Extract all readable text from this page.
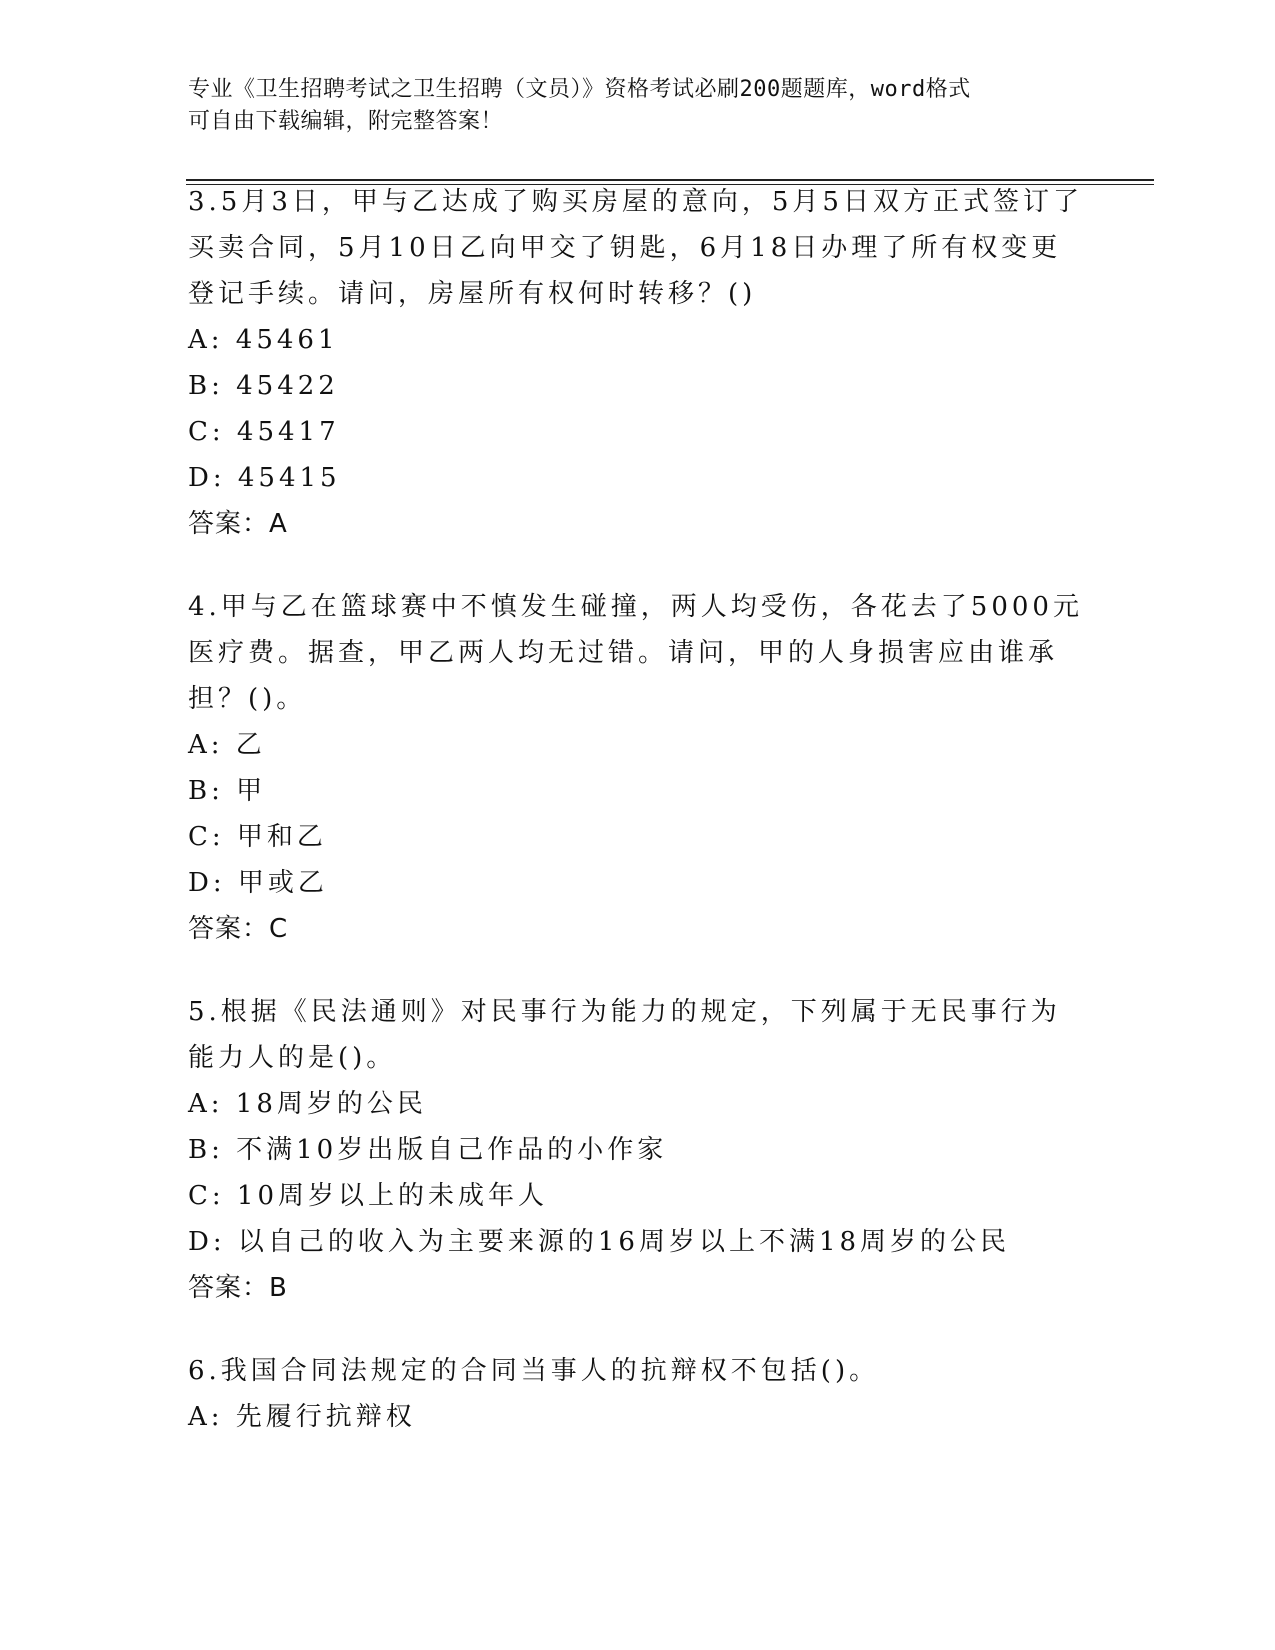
专业《卫生招聘考试之卫生招聘（文员）》资格考试必刷200题题库，word格式
可自由下载编辑，附完整答案！
3.5月3日，甲与乙达成了购买房屋的意向，5月5日双方正式签订了买卖合同，5月10日乙向甲交了钥匙，6月18日办理了所有权变更登记手续。请问，房屋所有权何时转移？()
A: 45461
B: 45422
C: 45417
D: 45415
答案：A
4.甲与乙在篮球赛中不慎发生碰撞，两人均受伤，各花去了5000元医疗费。据查，甲乙两人均无过错。请问，甲的人身损害应由谁承担？()。
A: 乙
B: 甲
C: 甲和乙
D: 甲或乙
答案：C
5.根据《民法通则》对民事行为能力的规定，下列属于无民事行为能力人的是()。
A: 18周岁的公民
B: 不满10岁出版自己作品的小作家
C: 10周岁以上的未成年人
D: 以自己的收入为主要来源的16周岁以上不满18周岁的公民
答案：B
6.我国合同法规定的合同当事人的抗辩权不包括()。
A: 先履行抗辩权
